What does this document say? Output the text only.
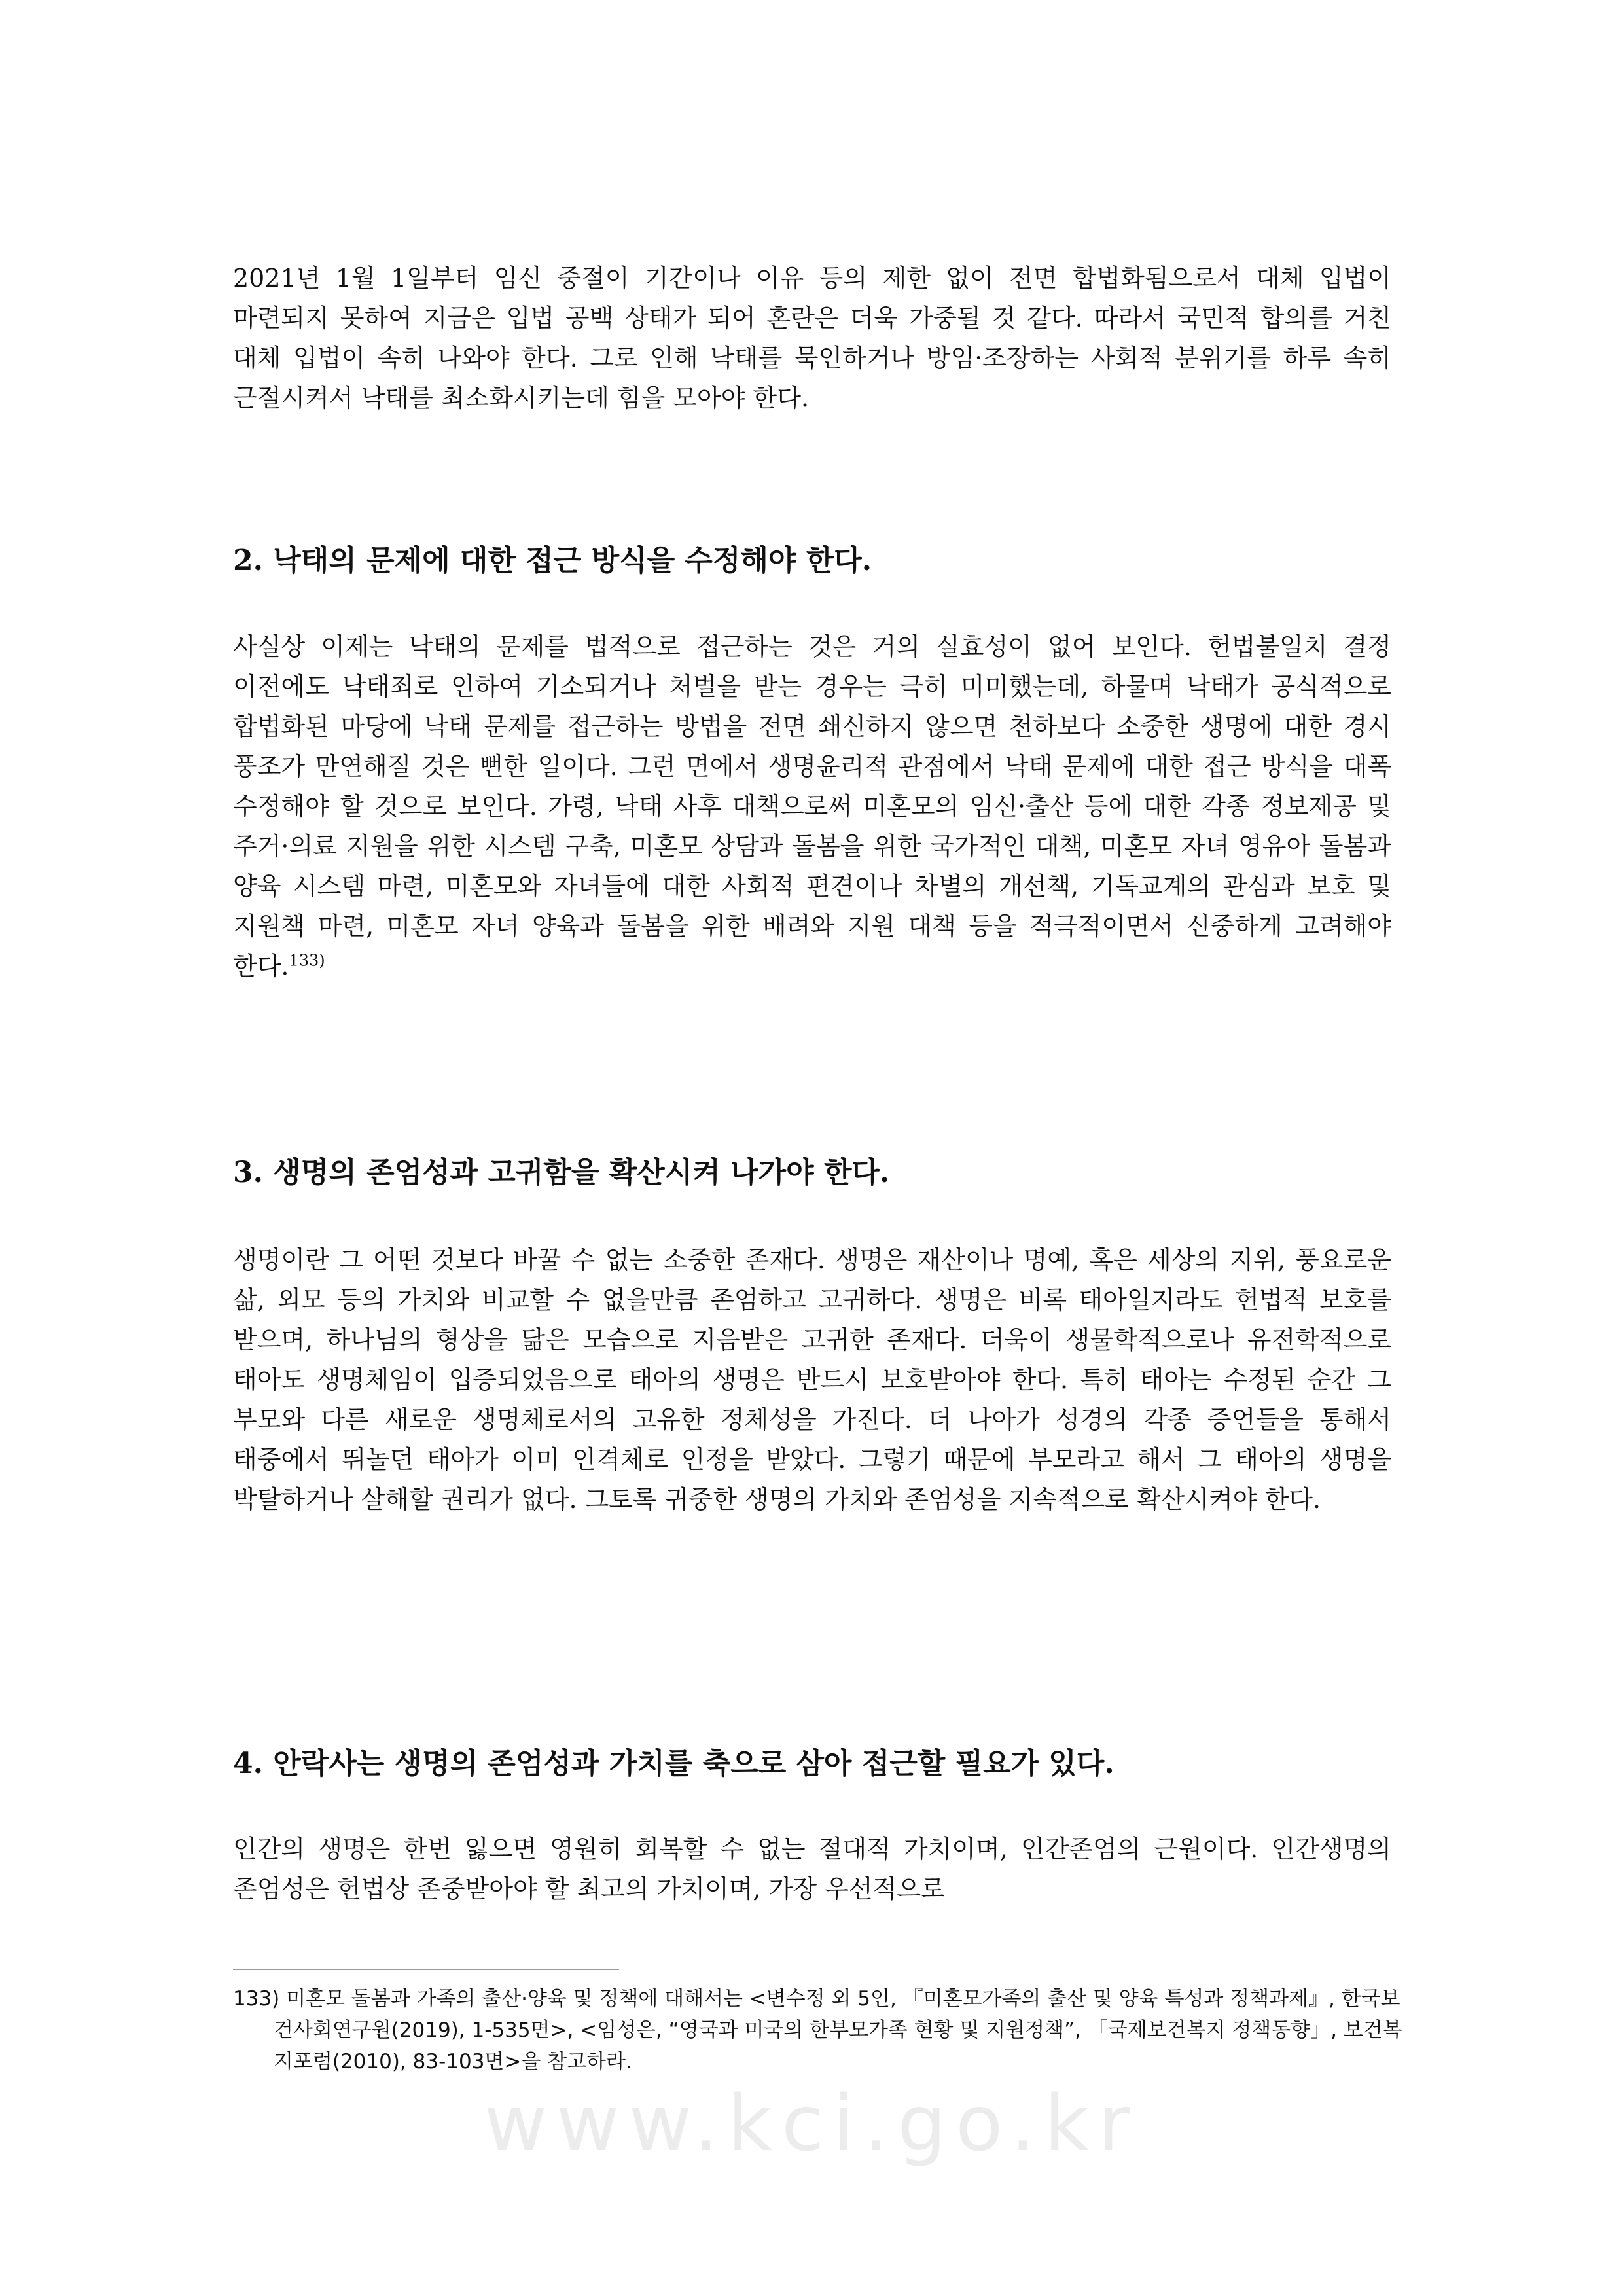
2021년 1월 1일부터 임신 중절이 기간이나 이유 등의 제한 없이 전면 합법화됨으로서 대체 입법이 마련되지 못하여 지금은 입법 공백 상태가 되어 혼란은 더욱 가중될 것 같다. 따라서 국민적 합의를 거친 대체 입법이 속히 나와야 한다. 그로 인해 낙태를 묵인하거나 방임·조장하는 사회적 분위기를 하루 속히 근절시켜서 낙태를 최소화시키는데 힘을 모아야 한다.

2. 낙태의 문제에 대한 접근 방식을 수정해야 한다.

사실상 이제는 낙태의 문제를 법적으로 접근하는 것은 거의 실효성이 없어 보인다. 헌법불일치 결정 이전에도 낙태죄로 인하여 기소되거나 처벌을 받는 경우는 극히 미미했는데, 하물며 낙태가 공식적으로 합법화된 마당에 낙태 문제를 접근하는 방법을 전면 쇄신하지 않으면 천하보다 소중한 생명에 대한 경시 풍조가 만연해질 것은 뻔한 일이다. 그런 면에서 생명윤리적 관점에서 낙태 문제에 대한 접근 방식을 대폭 수정해야 할 것으로 보인다. 가령, 낙태 사후 대책으로써 미혼모의 임신·출산 등에 대한 각종 정보제공 및 주거·의료 지원을 위한 시스템 구축, 미혼모 상담과 돌봄을 위한 국가적인 대책, 미혼모 자녀 영유아 돌봄과 양육 시스템 마련, 미혼모와 자녀들에 대한 사회적 편견이나 차별의 개선책, 기독교계의 관심과 보호 및 지원책 마련, 미혼모 자녀 양육과 돌봄을 위한 배려와 지원 대책 등을 적극적이면서 신중하게 고려해야 한다.$^{133)}$

3. 생명의 존엄성과 고귀함을 확산시켜 나가야 한다.

생명이란 그 어떤 것보다 바꿀 수 없는 소중한 존재다. 생명은 재산이나 명예, 혹은 세상의 지위, 풍요로운 삶, 외모 등의 가치와 비교할 수 없을만큼 존엄하고 고귀하다. 생명은 비록 태아일지라도 헌법적 보호를 받으며, 하나님의 형상을 닮은 모습으로 지음받은 고귀한 존재다. 더욱이 생물학적으로나 유전학적으로 태아도 생명체임이 입증되었음으로 태아의 생명은 반드시 보호받아야 한다. 특히 태아는 수정된 순간 그 부모와 다른 새로운 생명체로서의 고유한 정체성을 가진다. 더 나아가 성경의 각종 증언들을 통해서 태중에서 뛰놀던 태아가 이미 인격체로 인정을 받았다. 그렇기 때문에 부모라고 해서 그 태아의 생명을 박탈하거나 살해할 권리가 없다. 그토록 귀중한 생명의 가치와 존엄성을 지속적으로 확산시켜야 한다.

4. 안락사는 생명의 존엄성과 가치를 축으로 삼아 접근할 필요가 있다.

인간의 생명은 한번 잃으면 영원히 회복할 수 없는 절대적 가치이며, 인간존엄의 근원이다. 인간생명의 존엄성은 헌법상 존중받아야 할 최고의 가치이며, 가장 우선적으로

133) 미혼모 돌봄과 가족의 출산·양육 및 정책에 대해서는 <변수정 외 5인, 『미혼모가족의 출산 및 양육 특성과 정책과제』, 한국보건사회연구원(2019), 1-535면>, <임성은, “영국과 미국의 한부모가족 현황 및 지원정책”, 「국제보건복지 정책동향」, 보건복지포럼(2010), 83-103면>을 참고하라.

www.kci.go.kr
